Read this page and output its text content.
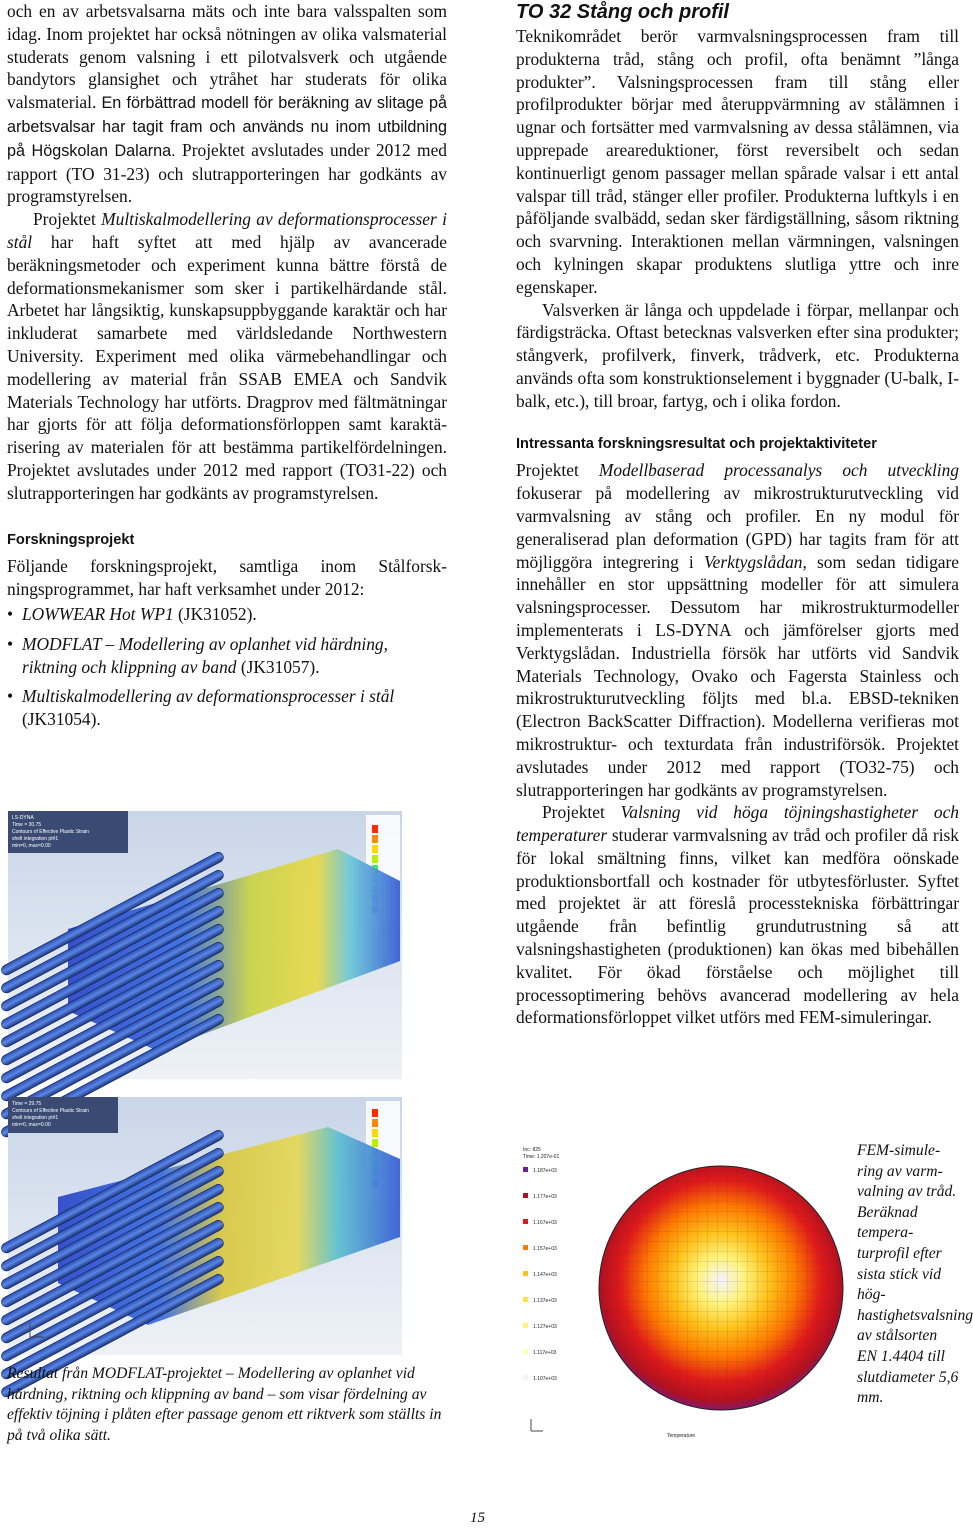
och en av arbetsvalsarna mäts och inte bara valsspalten som idag. Inom projektet har också nötningen av olika valsmaterial studerats genom valsning i ett pilotvalsverk och utgående bandytors glansighet och ytråhet har studerats för olika valsmaterial. En förbättrad modell för beräkning av slitage på arbetsvalsar har tagit fram och används nu inom utbildning på Högskolan Dalarna. Projektet avslutades under 2012 med rapport (TO 31-23) och slutrapporteringen har godkänts av programstyrelsen.

Projektet Multiskalmodellering av deformationsprocesser i stål har haft syftet att med hjälp av avancerade beräkningsmetoder och experiment kunna bättre förstå de deformationsmekanismer som sker i partikelhärdande stål. Arbetet har långsiktig, kunskapsuppbyggande karaktär och har inkluderat samarbete med världsledande Northwestern University. Experiment med olika värmebehandlingar och modellering av material från SSAB EMEA och Sandvik Materials Technology har utförts. Dragprov med fältmätningar har gjorts för att följa deformationsförloppen samt karaktärisering av materialen för att bestämma partikelfördelningen. Projektet avslutades under 2012 med rapport (TO31-22) och slutrapporteringen har godkänts av programstyrelsen.

Forskningsprojekt

Följande forskningsprojekt, samtliga inom Stålforskningsprogrammet, har haft verksamhet under 2012:

• LOWWEAR Hot WP1 (JK31052).
• MODFLAT – Modellering av oplanhet vid härdning, riktning och klippning av band (JK31057).
• Multiskalmodellering av deformationsprocesser i stål (JK31054).
LS-DYNA
Time = 30.75
Contours of Effective Plastic Strain
shell integration pt#1
min=0, max=0.00
Time = 29.75
Contours of Effective Plastic Strain
shell integration pt#1
min=0, max=0.00
Resultat från MODFLAT-projektet – Modellering av oplanhet vid härdning, riktning och klippning av band – som visar fördelning av effektiv töjning i plåten efter passage genom ett riktverk som ställts in på två olika sätt.
TO 32 Stång och profil

Teknikområdet berör varmvalsningsprocessen fram till produkterna tråd, stång och profil, ofta benämnt ”långa produkter”. Valsningsprocessen fram till stång eller profilprodukter börjar med återuppvärmning av stålämnen i ugnar och fortsätter med varmvalsning av dessa stålämnen, via upprepade areareduktioner, först reversibelt och sedan kontinuerligt genom passager mellan spårade valsar i ett antal valspar till tråd, stänger eller profiler. Produkterna luftkyls i en påföljande svalbädd, sedan sker färdigställning, såsom riktning och svarvning. Interaktionen mellan värmningen, valsningen och kylningen skapar produktens slutliga yttre och inre egenskaper.

Valsverken är långa och uppdelade i förpar, mellanpar och färdigsträcka. Oftast betecknas valsverken efter sina produkter; stångverk, profilverk, finverk, trådverk, etc. Produkterna används ofta som konstruktionselement i byggnader (U-balk, I-balk, etc.), till broar, fartyg, och i olika fordon.

Intressanta forskningsresultat och projektaktiviteter

Projektet Modellbaserad processanalys och utveckling fokuserar på modellering av mikrostrukturutveckling vid varmvalsning av stång och profiler. En ny modul för generaliserad plan deformation (GPD) har tagits fram för att möjliggöra integrering i Verktygslådan, som sedan tidigare innehåller en stor uppsättning modeller för att simulera valsningsprocesser. Dessutom har mikrostrukturmodeller implementerats i LS-DYNA och jämförelser gjorts med Verktygslådan. Industriella försök har utförts vid Sandvik Materials Technology, Ovako och Fagersta Stainless och mikrostrukturutveckling följts med bl.a. EBSD-tekniken (Electron BackScatter Diffraction). Modellerna verifieras mot mikrostruktur- och texturdata från industriförsök. Projektet avslutades under 2012 med rapport (TO32-75) och slutrapporteringen har godkänts av programstyrelsen.

Projektet Valsning vid höga töjningshastigheter och temperaturer studerar varmvalsning av tråd och profiler då risk för lokal smältning finns, vilket kan medföra oönskade produktionsbortfall och kostnader för utbytesförluster. Syftet med projektet är att föreslå processtekniska förbättringar utgående från befintlig grundutrustning så att valsningshastigheten (produktionen) kan ökas med bibehållen kvalitet. För ökad förståelse och möjlighet till processoptimering behövs avancerad modellering av hela deformationsförloppet vilket utförs med FEM-simuleringar.

Inc: 825
Time: 1.207e-01
1.187e+03
1.177e+03
1.167e+03
1.157e+03
1.147e+03
1.137e+03
1.127e+03
1.117e+03
1.107e+03
Temperature
FEM-simulering av varmvalning av tråd. Beräknad temperaturprofil efter sista stick vid höghastighetsvalsning av stålsorten EN 1.4404 till slutdiameter 5,6 mm.
15
